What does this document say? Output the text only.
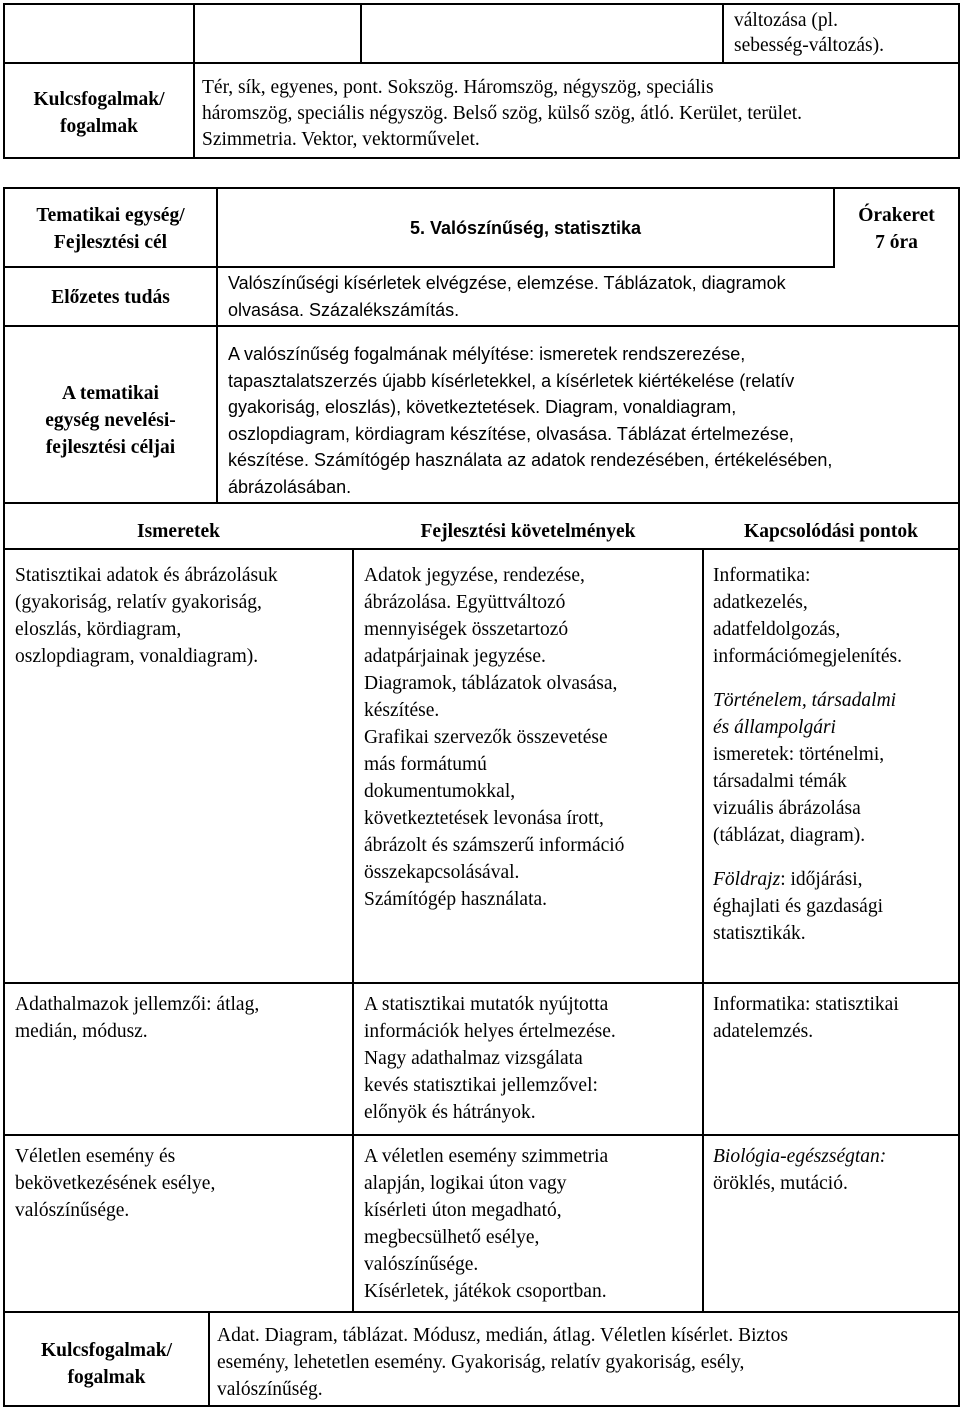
változása (pl.

sebesség-változás).

Kulcsfogalmak/

fogalmak

Tér, sík, egyenes, pont. Sokszög. Háromszög, négyszög, speciális

háromszög, speciális négyszög. Belső szög, külső szög, átló. Kerület, terület.

Szimmetria. Vektor, vektorművelet.

Tematikai egység/

Fejlesztési cél

5. Valószínűség, statisztika

Órakeret

7 óra

Előzetes tudás

Valószínűségi kísérletek elvégzése, elemzése. Táblázatok, diagramok

olvasása. Százalékszámítás.

A tematikai

egység nevelési-

fejlesztési céljai

A valószínűség fogalmának mélyítése: ismeretek rendszerezése,

tapasztalatszerzés újabb kísérletekkel, a kísérletek kiértékelése (relatív

gyakoriság, eloszlás), következtetések. Diagram, vonaldiagram,

oszlopdiagram, kördiagram készítése, olvasása. Táblázat értelmezése,

készítése. Számítógép használata az adatok rendezésében, értékelésében,

ábrázolásában.

Ismeretek	Fejlesztési követelmények	Kapcsolódási pontok

Statisztikai adatok és ábrázolásuk

(gyakoriság, relatív gyakoriság,

eloszlás, kördiagram,

oszlopdiagram, vonaldiagram).

Adatok jegyzése, rendezése,

ábrázolása. Együttváltozó

mennyiségek összetartozó

adatpárjainak jegyzése.

Diagramok, táblázatok olvasása,

készítése.

Grafikai szervezők összevetése

más formátumú

dokumentumokkal,

következtetések levonása írott,

ábrázolt és számszerű információ

összekapcsolásával.

Számítógép használata.

Informatika:

adatkezelés,

adatfeldolgozás,

információmegjelenítés.

Történelem, társadalmi

és állampolgári

ismeretek: történelmi,

társadalmi témák

vizuális ábrázolása

(táblázat, diagram).

Földrajz: időjárási,

éghajlati és gazdasági

statisztikák.

Adathalmazok jellemzői: átlag,

medián, módusz.

A statisztikai mutatók nyújtotta

információk helyes értelmezése.

Nagy adathalmaz vizsgálata

kevés statisztikai jellemzővel:

előnyök és hátrányok.

Informatika: statisztikai

adatelemzés.

Véletlen esemény és

bekövetkezésének esélye,

valószínűsége.

A véletlen esemény szimmetria

alapján, logikai úton vagy

kísérleti úton megadható,

megbecsülhető esélye,

valószínűsége.

Kísérletek, játékok csoportban.

Biológia-egészségtan:

öröklés, mutáció.

Kulcsfogalmak/

fogalmak

Adat. Diagram, táblázat. Módusz, medián, átlag. Véletlen kísérlet. Biztos

esemény, lehetetlen esemény. Gyakoriság, relatív gyakoriság, esély,

valószínűség.
